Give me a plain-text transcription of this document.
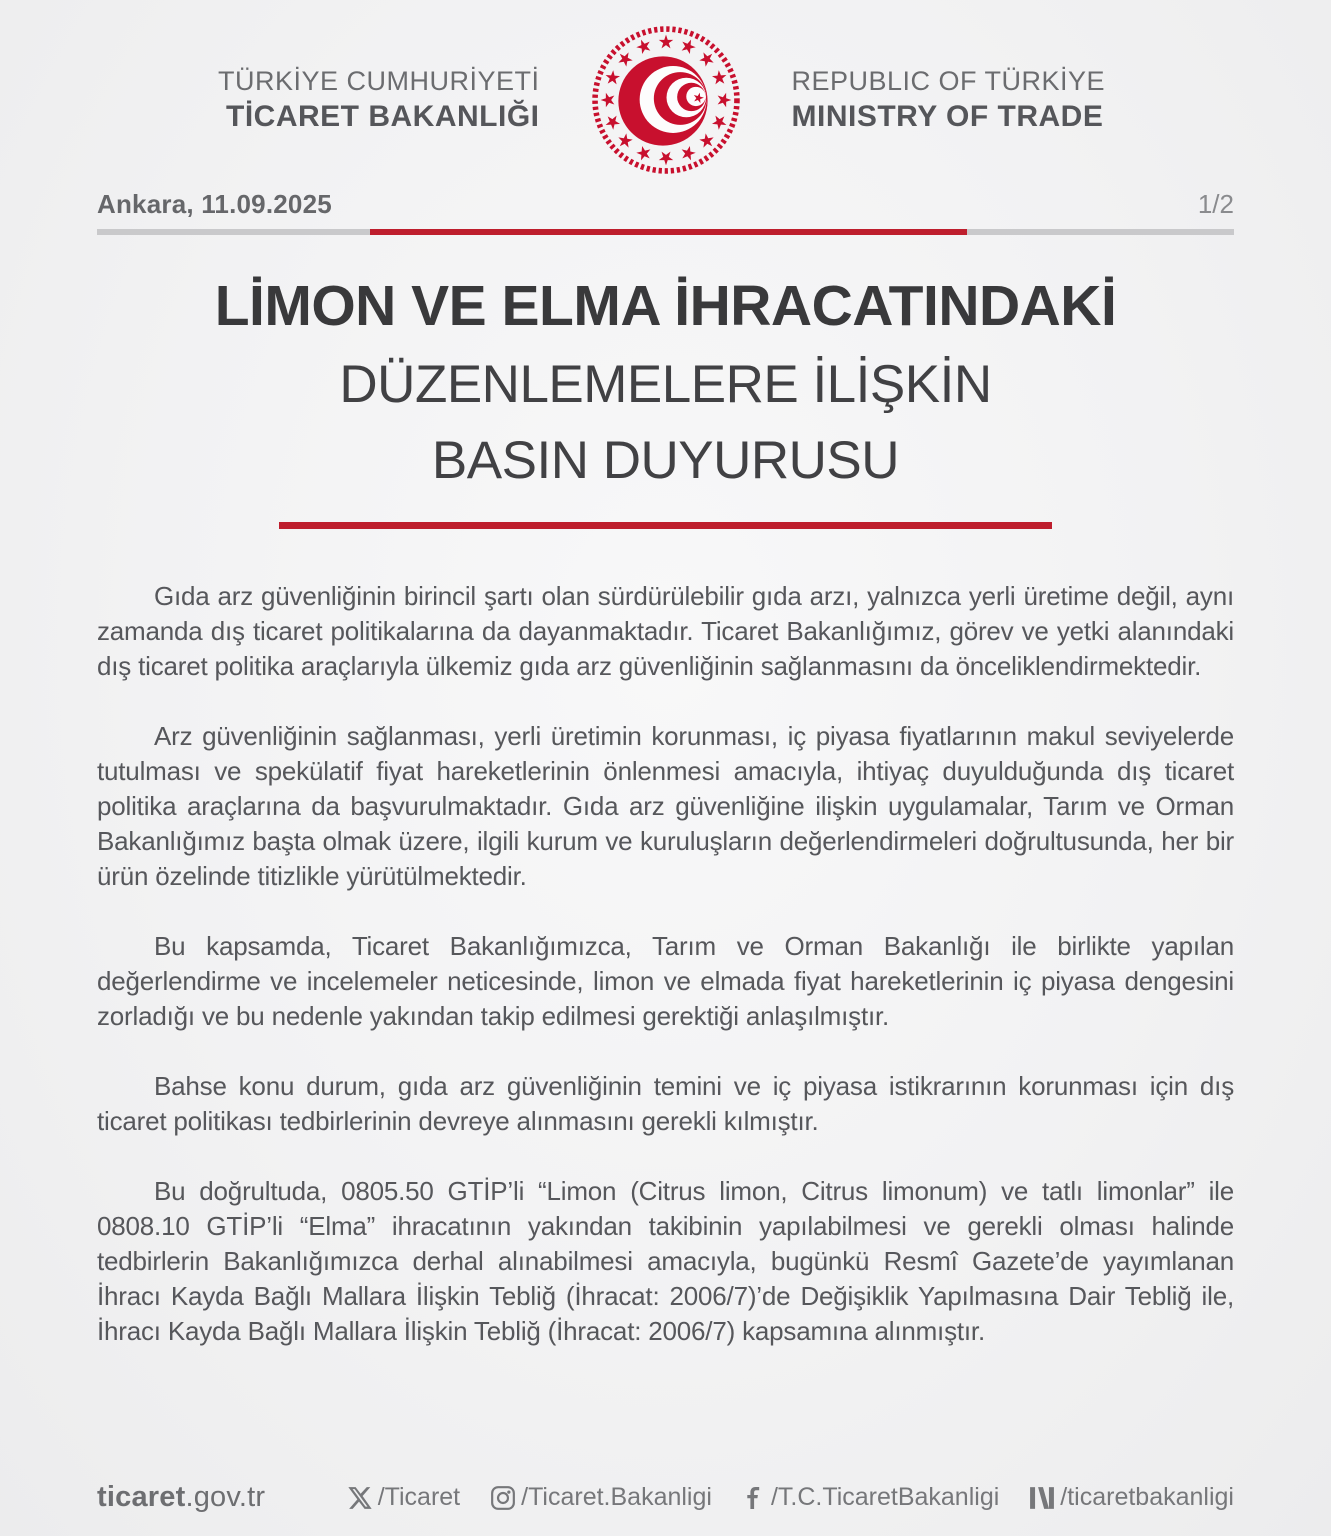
TÜRKİYE CUMHURİYETİ
TİCARET BAKANLIĞI
REPUBLIC OF TÜRKİYE
MINISTRY OF TRADE
Ankara, 11.09.2025	1/2
LİMON VE ELMA İHRACATINDAKİ
DÜZENLEMELERE İLİŞKİN
BASIN DUYURUSU

Gıda arz güvenliğinin birincil şartı olan sürdürülebilir gıda arzı, yalnızca yerli üretime değil, aynı zamanda dış ticaret politikalarına da dayanmaktadır. Ticaret Bakanlığımız, görev ve yetki alanındaki dış ticaret politika araçlarıyla ülkemiz gıda arz güvenliğinin sağlanmasını da önceliklendirmektedir.

Arz güvenliğinin sağlanması, yerli üretimin korunması, iç piyasa fiyatlarının makul seviyelerde tutulması ve spekülatif fiyat hareketlerinin önlenmesi amacıyla, ihtiyaç duyulduğunda dış ticaret politika araçlarına da başvurulmaktadır. Gıda arz güvenliğine ilişkin uygulamalar, Tarım ve Orman Bakanlığımız başta olmak üzere, ilgili kurum ve kuruluşların değerlendirmeleri doğrultusunda, her bir ürün özelinde titizlikle yürütülmektedir.

Bu kapsamda, Ticaret Bakanlığımızca, Tarım ve Orman Bakanlığı ile birlikte yapılan değerlendirme ve incelemeler neticesinde, limon ve elmada fiyat hareketlerinin iç piyasa dengesini zorladığı ve bu nedenle yakından takip edilmesi gerektiği anlaşılmıştır.

Bahse konu durum, gıda arz güvenliğinin temini ve iç piyasa istikrarının korunması için dış ticaret politikası tedbirlerinin devreye alınmasını gerekli kılmıştır.

Bu doğrultuda, 0805.50 GTİP’li “Limon (Citrus limon, Citrus limonum) ve tatlı limonlar” ile 0808.10 GTİP’li “Elma” ihracatının yakından takibinin yapılabilmesi ve gerekli olması halinde tedbirlerin Bakanlığımızca derhal alınabilmesi amacıyla, bugünkü Resmî Gazete’de yayımlanan İhracı Kayda Bağlı Mallara İlişkin Tebliğ (İhracat: 2006/7)’de Değişiklik Yapılmasına Dair Tebliğ ile, İhracı Kayda Bağlı Mallara İlişkin Tebliğ (İhracat: 2006/7) kapsamına alınmıştır.

ticaret.gov.tr	/Ticaret /Ticaret.Bakanligi /T.C.TicaretBakanligi /ticaretbakanligi
